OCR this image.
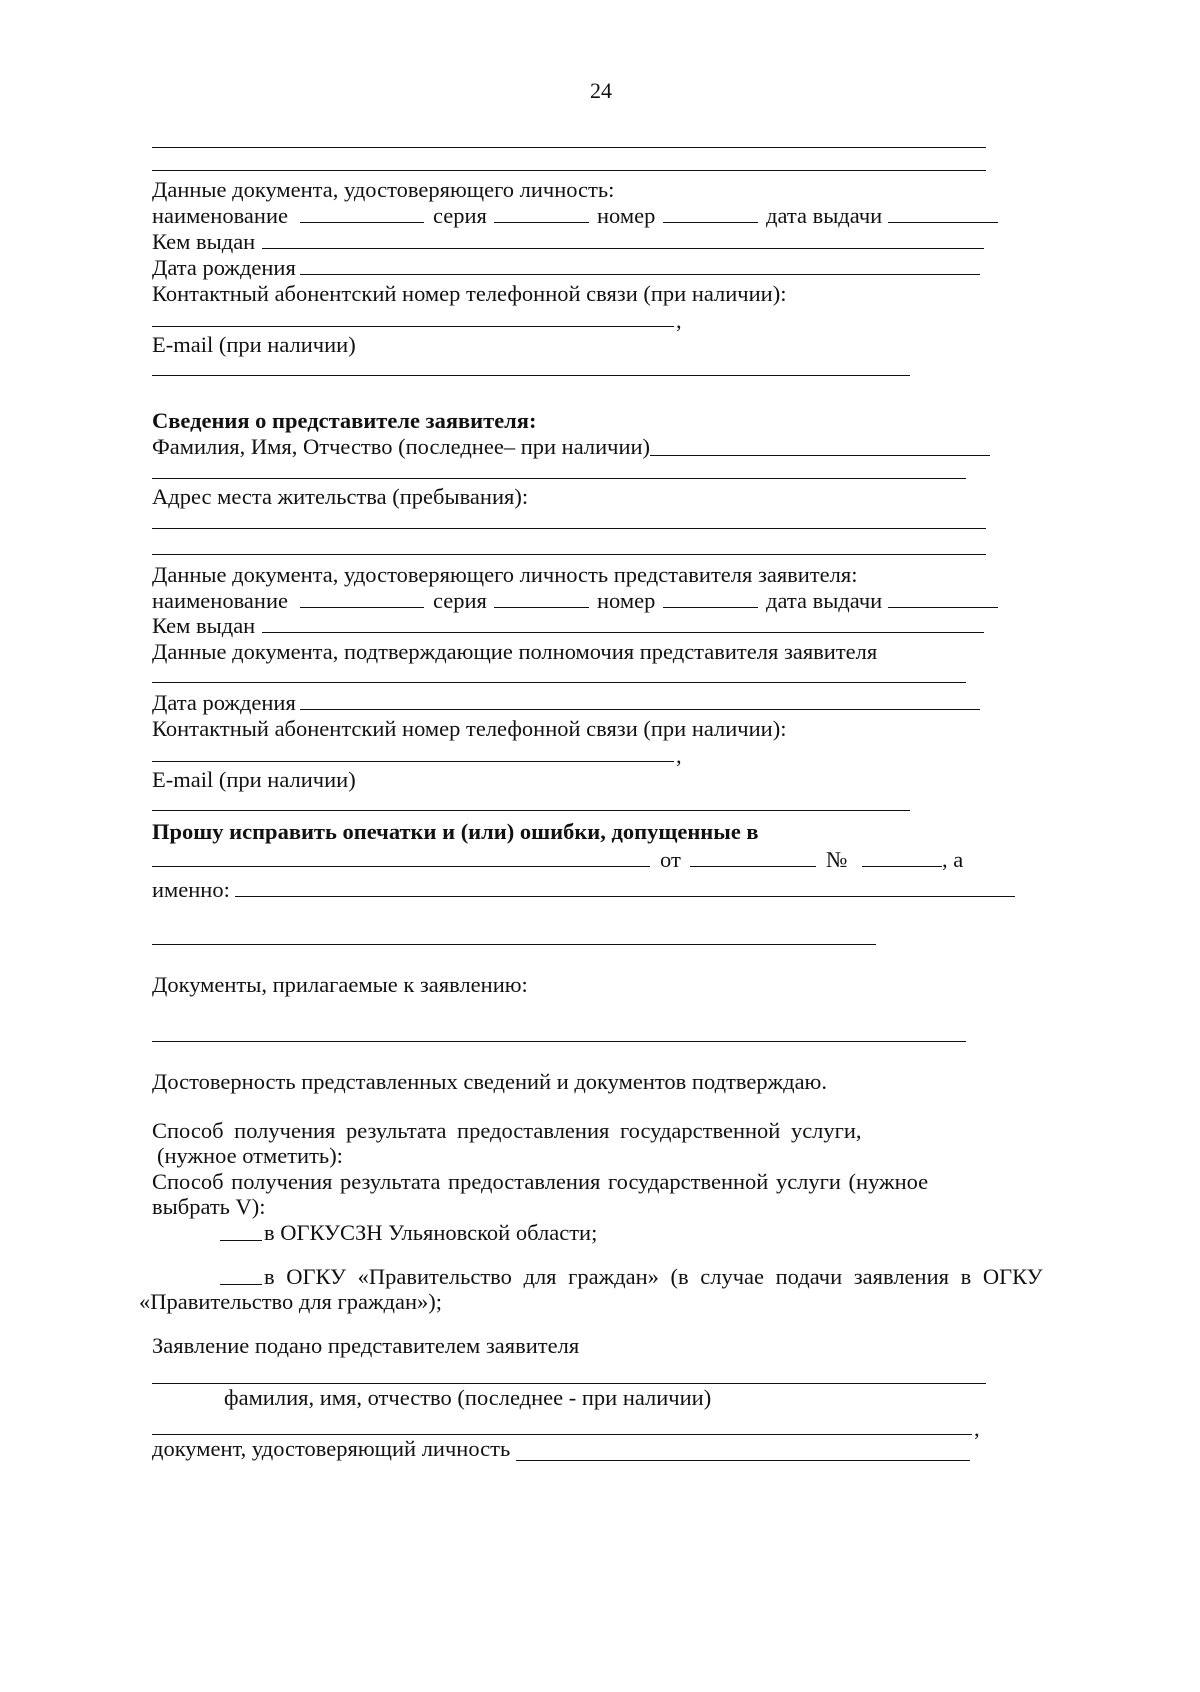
24
Данные документа, удостоверяющего личность:
наименование	серия	номер	дата выдачи
Кем выдан
Дата рождения
Контактный абонентский номер телефонной связи (при наличии):
,
E-mail (при наличии)
Сведения о представителе заявителя:
Фамилия, Имя, Отчество (последнее– при наличии)
Адрес места жительства (пребывания):
Данные документа, удостоверяющего личность представителя заявителя:
наименование	серия	номер	дата выдачи
Кем выдан
Данные документа, подтверждающие полномочия представителя заявителя
Дата рождения
Контактный абонентский номер телефонной связи (при наличии):
,
E-mail (при наличии)
Прошу исправить опечатки и (или) ошибки, допущенные в
от	№	, а
именно:
Документы, прилагаемые к заявлению:
Достоверность представленных сведений и документов подтверждаю.
Способ получения результата предоставления государственной услуги,
(нужное отметить):
Способ получения результата предоставления государственной услуги (нужное
выбрать V):
в ОГКУСЗН Ульяновской области;
в ОГКУ «Правительство для граждан» (в случае подачи заявления в ОГКУ
«Правительство для граждан»);
Заявление подано представителем заявителя
фамилия, имя, отчество (последнее - при наличии)
,
документ, удостоверяющий личность
